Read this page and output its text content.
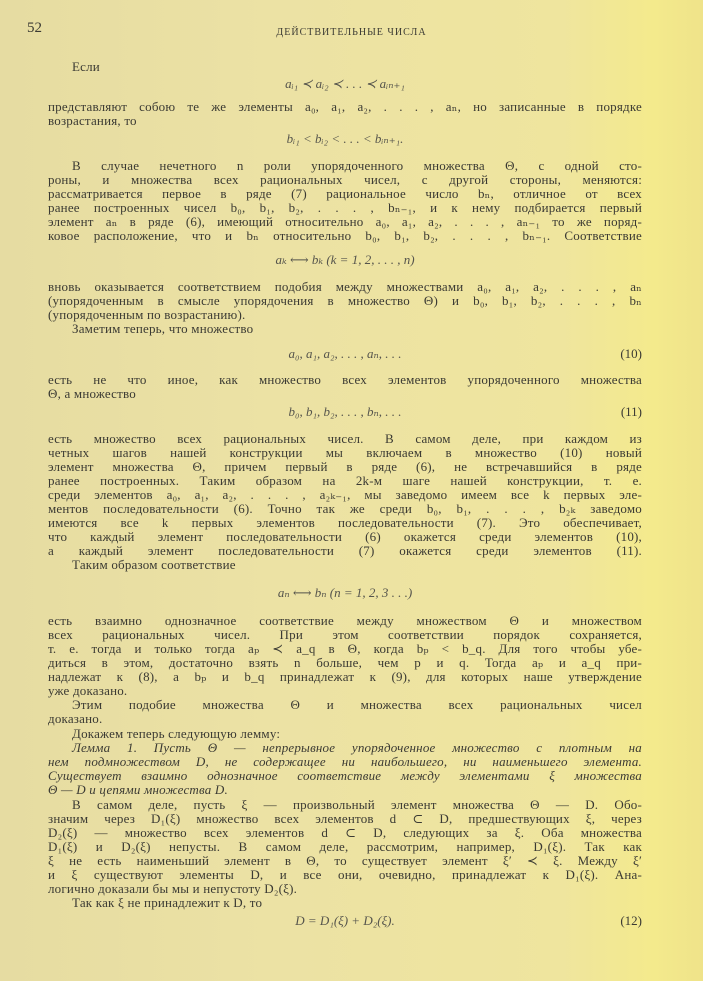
52	ДЕЙСТВИТЕЛЬНЫЕ ЧИСЛА
Если
aᵢ₁ ≺ aᵢ₂ ≺ . . . ≺ aᵢₙ₊₁
представляют собою те же элементы a₀, a₁, a₂, . . . , aₙ, но записанные в порядке
возрастания, то
bᵢ₁ < bᵢ₂ < . . . < bᵢₙ₊₁.
В случае нечетного n роли упорядоченного множества Θ, с одной сто-
роны, и множества всех рациональных чисел, с другой стороны, меняются:
рассматривается первое в ряде (7) рациональное число bₙ, отличное от всех
ранее построенных чисел b₀, b₁, b₂, . . . , bₙ₋₁, и к нему подбирается первый
элемент aₙ в ряде (6), имеющий относительно a₀, a₁, a₂, . . . , aₙ₋₁ то же поряд-
ковое расположение, что и bₙ относительно b₀, b₁, b₂, . . . , bₙ₋₁. Соответствие
aₖ ⟷ bₖ (k = 1, 2, . . . , n)
вновь оказывается соответствием подобия между множествами a₀, a₁, a₂, . . . , aₙ
(упорядоченным в смысле упорядочения в множество Θ) и b₀, b₁, b₂, . . . , bₙ
(упорядоченным по возрастанию).
Заметим теперь, что множество
a₀, a₁, a₂, . . . , aₙ, . . .	(10)
есть не что иное, как множество всех элементов упорядоченного множества
Θ, а множество
b₀, b₁, b₂, . . . , bₙ, . . .	(11)
есть множество всех рациональных чисел. В самом деле, при каждом из
четных шагов нашей конструкции мы включаем в множество (10) новый
элемент множества Θ, причем первый в ряде (6), не встречавшийся в ряде
ранее построенных. Таким образом на 2k-м шаге нашей конструкции, т. е.
среди элементов a₀, a₁, a₂, . . . , a₂ₖ₋₁, мы заведомо имеем все k первых эле-
ментов последовательности (6). Точно так же среди b₀, b₁, . . . , b₂ₖ заведомо
имеются все k первых элементов последовательности (7). Это обеспечивает,
что каждый элемент последовательности (6) окажется среди элементов (10),
а каждый элемент последовательности (7) окажется среди элементов (11).
Таким образом соответствие
aₙ ⟷ bₙ (n = 1, 2, 3 . . .)
есть взаимно однозначное соответствие между множеством Θ и множеством
всех рациональных чисел. При этом соответствии порядок сохраняется,
т. е. тогда и только тогда aₚ ≺ a_q в Θ, когда bₚ < b_q. Для того чтобы убе-
диться в этом, достаточно взять n больше, чем p и q. Тогда aₚ и a_q при-
надлежат к (8), а bₚ и b_q принадлежат к (9), для которых наше утверждение
уже доказано.
Этим подобие множества Θ и множества всех рациональных чисел
доказано.
Докажем теперь следующую лемму:
Лемма 1. Пусть Θ — непрерывное упорядоченное множество с плотным на
нем подмножеством D, не содержащее ни наибольшего, ни наименьшего элемента.
Существует взаимно однозначное соответствие между элементами ξ множества
Θ — D и цепями множества D.
В самом деле, пусть ξ — произвольный элемент множества Θ — D. Обо-
значим через D₁(ξ) множество всех элементов d ⊂ D, предшествующих ξ, через
D₂(ξ) — множество всех элементов d ⊂ D, следующих за ξ. Оба множества
D₁(ξ) и D₂(ξ) непусты. В самом деле, рассмотрим, например, D₁(ξ). Так как
ξ не есть наименьший элемент в Θ, то существует элемент ξ′ ≺ ξ. Между ξ′
и ξ существуют элементы D, и все они, очевидно, принадлежат к D₁(ξ). Ана-
логично доказали бы мы и непустоту D₂(ξ).
Так как ξ не принадлежит к D, то
D = D₁(ξ) + D₂(ξ).	(12)
